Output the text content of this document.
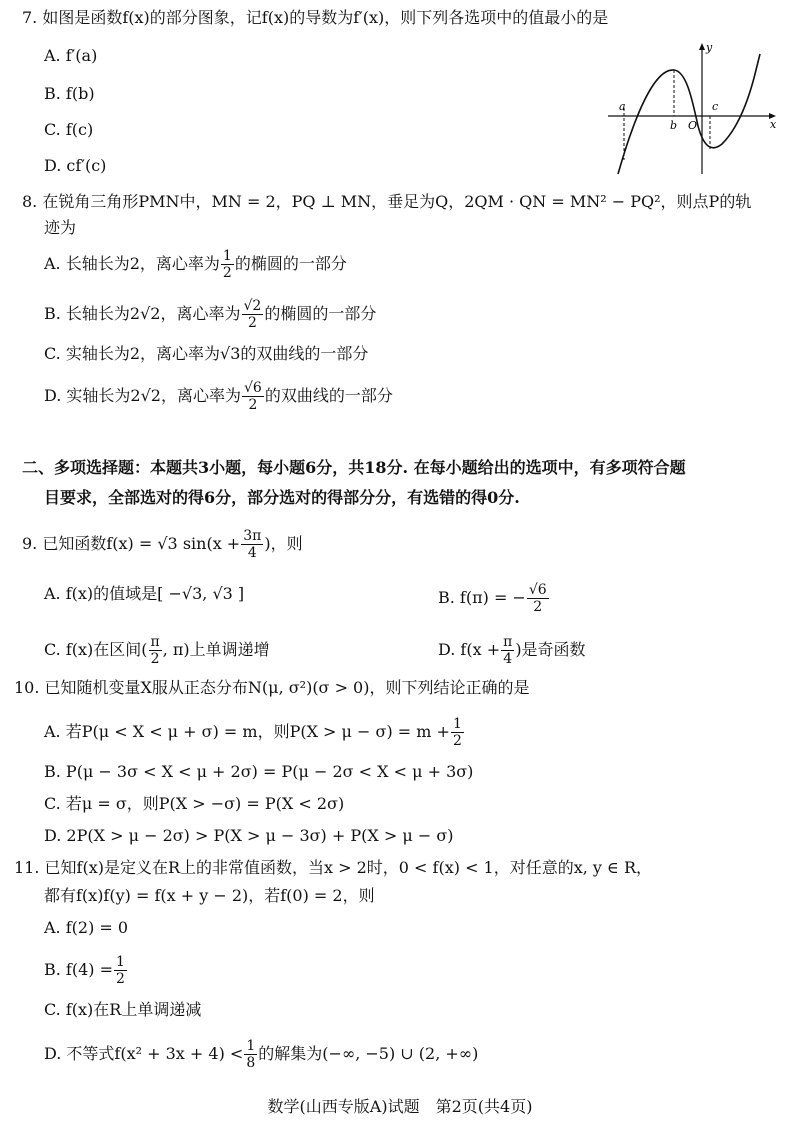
7. 如图是函数f(x)的部分图象，记f(x)的导数为f′(x)，则下列各选项中的值最小的是
A. f′(a)
B. f(b)
C. f(c)
D. cf′(c)
x
y
a
b O
c
8. 在锐角三角形PMN中，MN = 2，PQ ⊥ MN，垂足为Q，2QM · QN = MN² − PQ²，则点P的轨
迹为
A. 长轴长为2，离心率为 $\frac{1}{2}$ 的椭圆的一部分
B. 长轴长为2√2，离心率为 $\frac{√2}{2}$ 的椭圆的一部分
C. 实轴长为2，离心率为√3的双曲线的一部分
D. 实轴长为2√2，离心率为 $\frac{√6}{2}$ 的双曲线的一部分
二、多项选择题：本题共3小题，每小题6分，共18分. 在每小题给出的选项中，有多项符合题
目要求，全部选对的得6分，部分选对的得部分分，有选错的得0分.
9. 已知函数f(x) = √3 $\sin(x + \frac{3\pi}{4}$ )，则
A. f(x)的值域是[ −√3, √3 ]	B. f(π) = − $\frac{√6}{2}$
C. f(x)在区间( $\frac{\pi}{2}$ , π)上单调递增	D. $f(x + \frac{\pi}{4}$ )是奇函数
10. 已知随机变量X服从正态分布N(μ, σ²)(σ > 0)，则下列结论正确的是
A. 若P(μ < X < μ + σ) = m，则$P(X > \mu - \sigma) = m + \frac{1}{2}$
B. P(μ − 3σ < X < μ + 2σ) = P(μ − 2σ < X < μ + 3σ)
C. 若μ = σ，则P(X > −σ) = P(X < 2σ)
D. 2P(X > μ − 2σ) > P(X > μ − 3σ) + P(X > μ − σ)
11. 已知f(x)是定义在R上的非常值函数，当x > 2时，0 < f(x) < 1，对任意的x, y ∈ R，
都有f(x)f(y) = f(x + y − 2)，若f(0) = 2，则
A. f(2) = 0
B. $f(4) = \frac{1}{2}$
C. f(x)在R上单调递减
D. 不等式$f(x^2 + 3x + 4) < \frac{1}{8}$ 的解集为(−∞, −5) ∪ (2, +∞)
数学(山西专版A)试题　第2页(共4页)
